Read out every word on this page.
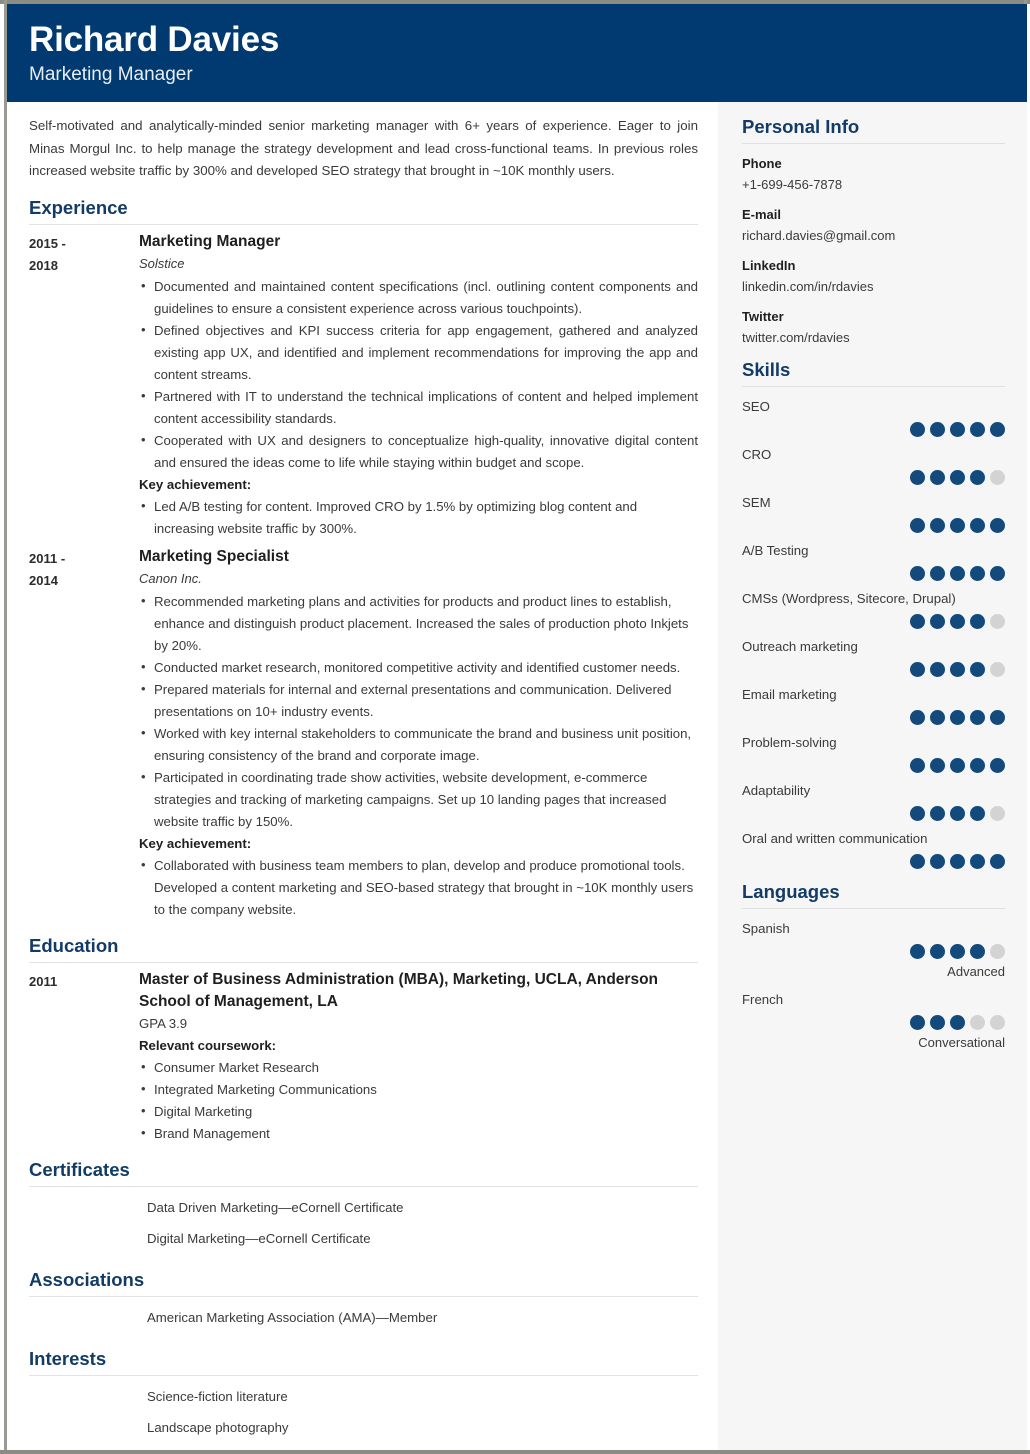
Richard Davies
Marketing Manager

Self-motivated and analytically-minded senior marketing manager with 6+ years of experience. Eager to join Minas Morgul Inc. to help manage the strategy development and lead cross-functional teams. In previous roles increased website traffic by 300% and developed SEO strategy that brought in ~10K monthly users.

Experience
2015 -
2018
Marketing Manager
Solstice
• Documented and maintained content specifications (incl. outlining content components and guidelines to ensure a consistent experience across various touchpoints).
• Defined objectives and KPI success criteria for app engagement, gathered and analyzed existing app UX, and identified and implement recommendations for improving the app and content streams.
• Partnered with IT to understand the technical implications of content and helped implement content accessibility standards.
• Cooperated with UX and designers to conceptualize high-quality, innovative digital content and ensured the ideas come to life while staying within budget and scope.
Key achievement:
• Led A/B testing for content. Improved CRO by 1.5% by optimizing blog content and increasing website traffic by 300%.
2011 -
2014
Marketing Specialist
Canon Inc.
• Recommended marketing plans and activities for products and product lines to establish, enhance and distinguish product placement. Increased the sales of production photo Inkjets by 20%.
• Conducted market research, monitored competitive activity and identified customer needs.
• Prepared materials for internal and external presentations and communication. Delivered presentations on 10+ industry events.
• Worked with key internal stakeholders to communicate the brand and business unit position, ensuring consistency of the brand and corporate image.
• Participated in coordinating trade show activities, website development, e-commerce strategies and tracking of marketing campaigns. Set up 10 landing pages that increased website traffic by 150%.
Key achievement:
• Collaborated with business team members to plan, develop and produce promotional tools. Developed a content marketing and SEO-based strategy that brought in ~10K monthly users to the company website.
Education
2011	Master of Business Administration (MBA), Marketing, UCLA, Anderson School of Management, LA
GPA 3.9
Relevant coursework:
• Consumer Market Research
• Integrated Marketing Communications
• Digital Marketing
• Brand Management
Certificates
Data Driven Marketing—eCornell Certificate
Digital Marketing—eCornell Certificate
Associations
American Marketing Association (AMA)—Member
Interests
Science-fiction literature
Landscape photography
Personal Info
Phone
+1-699-456-7878
E-mail
richard.davies@gmail.com
LinkedIn
linkedin.com/in/rdavies
Twitter
twitter.com/rdavies
Skills
SEO
CRO
SEM
A/B Testing
CMSs (Wordpress, Sitecore, Drupal)
Outreach marketing
Email marketing
Problem-solving
Adaptability
Oral and written communication
Languages
Spanish
Advanced
French
Conversational
